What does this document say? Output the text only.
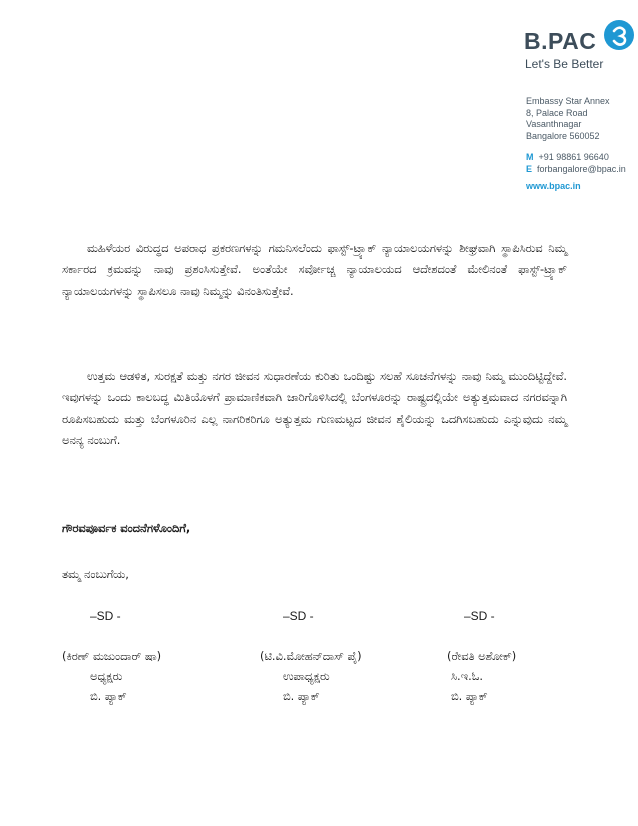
B.PAC
Let's Be Better
Embassy Star Annex
8, Palace Road
Vasanthnagar
Bangalore 560052
M +91 98861 96640
E forbangalore@bpac.in
www.bpac.in
ಮಹಿಳೆಯರ ವಿರುದ್ಧದ ಅಪರಾಧ ಪ್ರಕರಣಗಳನ್ನು ಗಮನಿಸಲೆಂದು ಫಾಸ್ಟ್-ಟ್ರ್ಯಾಕ್ ನ್ಯಾಯಾಲಯಗಳನ್ನು ಶೀಘ್ರವಾಗಿ ಸ್ಥಾಪಿಸಿರುವ ನಿಮ್ಮ ಸರ್ಕಾರದ ಕ್ರಮವನ್ನು ನಾವು ಪ್ರಶಂಸಿಸುತ್ತೇವೆ. ಅಂತೆಯೇ ಸರ್ವೋಚ್ಚ ನ್ಯಾಯಾಲಯದ ಆದೇಶದಂತೆ ಮೇಲಿನಂತೆ ಫಾಸ್ಟ್-ಟ್ರ್ಯಾಕ್ ನ್ಯಾಯಾಲಯಗಳನ್ನು ಸ್ಥಾಪಿಸಲೂ ನಾವು ನಿಮ್ಮನ್ನು ವಿನಂತಿಸುತ್ತೇವೆ.
ಉತ್ತಮ ಆಡಳಿತ, ಸುರಕ್ಷತೆ ಮತ್ತು ನಗರ ಜೀವನ ಸುಧಾರಣೆಯ ಕುರಿತು ಒಂದಿಷ್ಟು ಸಲಹೆ ಸೂಚನೆಗಳನ್ನು ನಾವು ನಿಮ್ಮ ಮುಂದಿಟ್ಟಿದ್ದೇವೆ. ಇವುಗಳನ್ನು ಒಂದು ಕಾಲಬದ್ಧ ಮಿತಿಯೊಳಗೆ ಪ್ರಾಮಾಣಿಕವಾಗಿ ಜಾರಿಗೊಳಿಸಿದಲ್ಲಿ ಬೆಂಗಳೂರನ್ನು ರಾಷ್ಟ್ರದಲ್ಲಿಯೇ ಅತ್ಯುತ್ತಮವಾದ ನಗರವನ್ನಾಗಿ ರೂಪಿಸಬಹುದು ಮತ್ತು ಬೆಂಗಳೂರಿನ ಎಲ್ಲ ನಾಗರಿಕರಿಗೂ ಅತ್ಯುತ್ತಮ ಗುಣಮಟ್ಟದ ಜೀವನ ಶೈಲಿಯನ್ನು ಒದಗಿಸಬಹುದು ಎನ್ನುವುದು ನಮ್ಮ ಅನನ್ಯ ನಂಬುಗೆ.
ಗೌರವಪೂರ್ವಕ ವಂದನೆಗಳೊಂದಿಗೆ,
ತಮ್ಮ ನಂಬುಗೆಯ,
–SD -	–SD -	–SD -
(ಕಿರಣ್ ಮಜುಂದಾರ್ ಷಾ)	(ಟಿ.ವಿ.ಮೋಹನ್‌ದಾಸ್ ಪೈ)	(ರೇವತಿ ಅಶೋಕ್)
ಅಧ್ಯಕ್ಷರು	ಉಪಾಧ್ಯಕ್ಷರು	ಸಿ.ಇ.ಓ.
ಬಿ. ಪ್ಯಾಕ್	ಬಿ. ಪ್ಯಾಕ್	ಬಿ. ಪ್ಯಾಕ್
